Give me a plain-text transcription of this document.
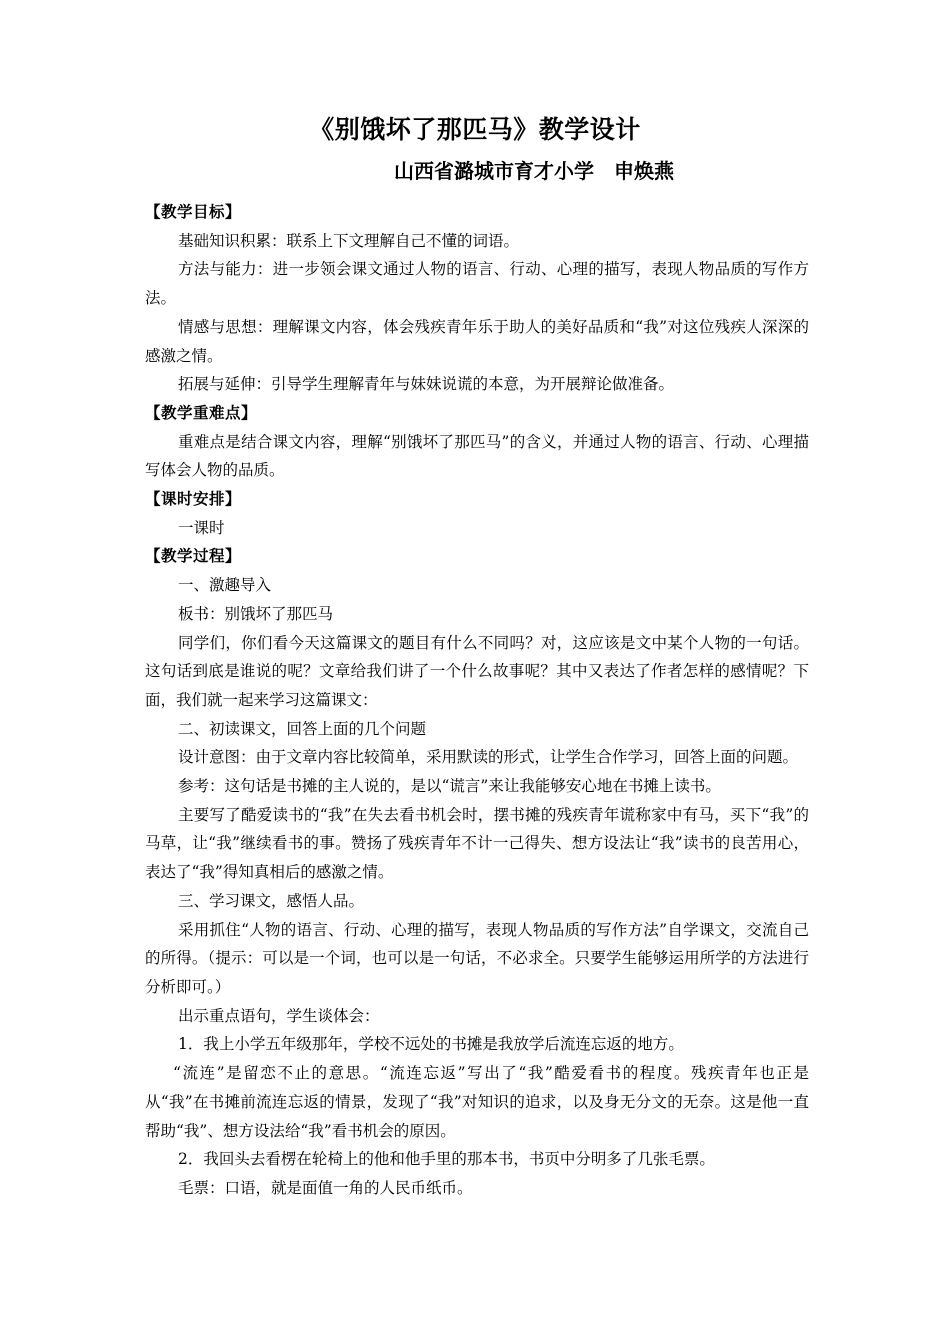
《别饿坏了那匹马》教学设计
山西省潞城市育才小学　申焕燕

【教学目标】

基础知识积累：联系上下文理解自己不懂的词语。

方法与能力：进一步领会课文通过人物的语言、行动、心理的描写，表现人物品质的写作方法。

情感与思想：理解课文内容，体会残疾青年乐于助人的美好品质和“我”对这位残疾人深深的感激之情。

拓展与延伸：引导学生理解青年与妹妹说谎的本意，为开展辩论做准备。

【教学重难点】

重难点是结合课文内容，理解“别饿坏了那匹马”的含义，并通过人物的语言、行动、心理描写体会人物的品质。

【课时安排】

一课时

【教学过程】

一、激趣导入

板书：别饿坏了那匹马

同学们，你们看今天这篇课文的题目有什么不同吗？对，这应该是文中某个人物的一句话。这句话到底是谁说的呢？文章给我们讲了一个什么故事呢？其中又表达了作者怎样的感情呢？下面，我们就一起来学习这篇课文：

二、初读课文，回答上面的几个问题

设计意图：由于文章内容比较简单，采用默读的形式，让学生合作学习，回答上面的问题。

参考：这句话是书摊的主人说的，是以“谎言”来让我能够安心地在书摊上读书。

主要写了酷爱读书的“我”在失去看书机会时，摆书摊的残疾青年谎称家中有马，买下“我”的马草，让“我”继续看书的事。赞扬了残疾青年不计一己得失、想方设法让“我”读书的良苦用心，表达了“我”得知真相后的感激之情。

三、学习课文，感悟人品。

采用抓住“人物的语言、行动、心理的描写，表现人物品质的写作方法”自学课文，交流自己的所得。（提示：可以是一个词，也可以是一句话，不必求全。只要学生能够运用所学的方法进行分析即可。）

出示重点语句，学生谈体会：

1．我上小学五年级那年，学校不远处的书摊是我放学后流连忘返的地方。

“流连”是留恋不止的意思。“流连忘返”写出了“我”酷爱看书的程度。残疾青年也正是从“我”在书摊前流连忘返的情景，发现了“我”对知识的追求，以及身无分文的无奈。这是他一直帮助“我”、想方设法给“我”看书机会的原因。

2．我回头去看楞在轮椅上的他和他手里的那本书，书页中分明多了几张毛票。

毛票：口语，就是面值一角的人民币纸币。
